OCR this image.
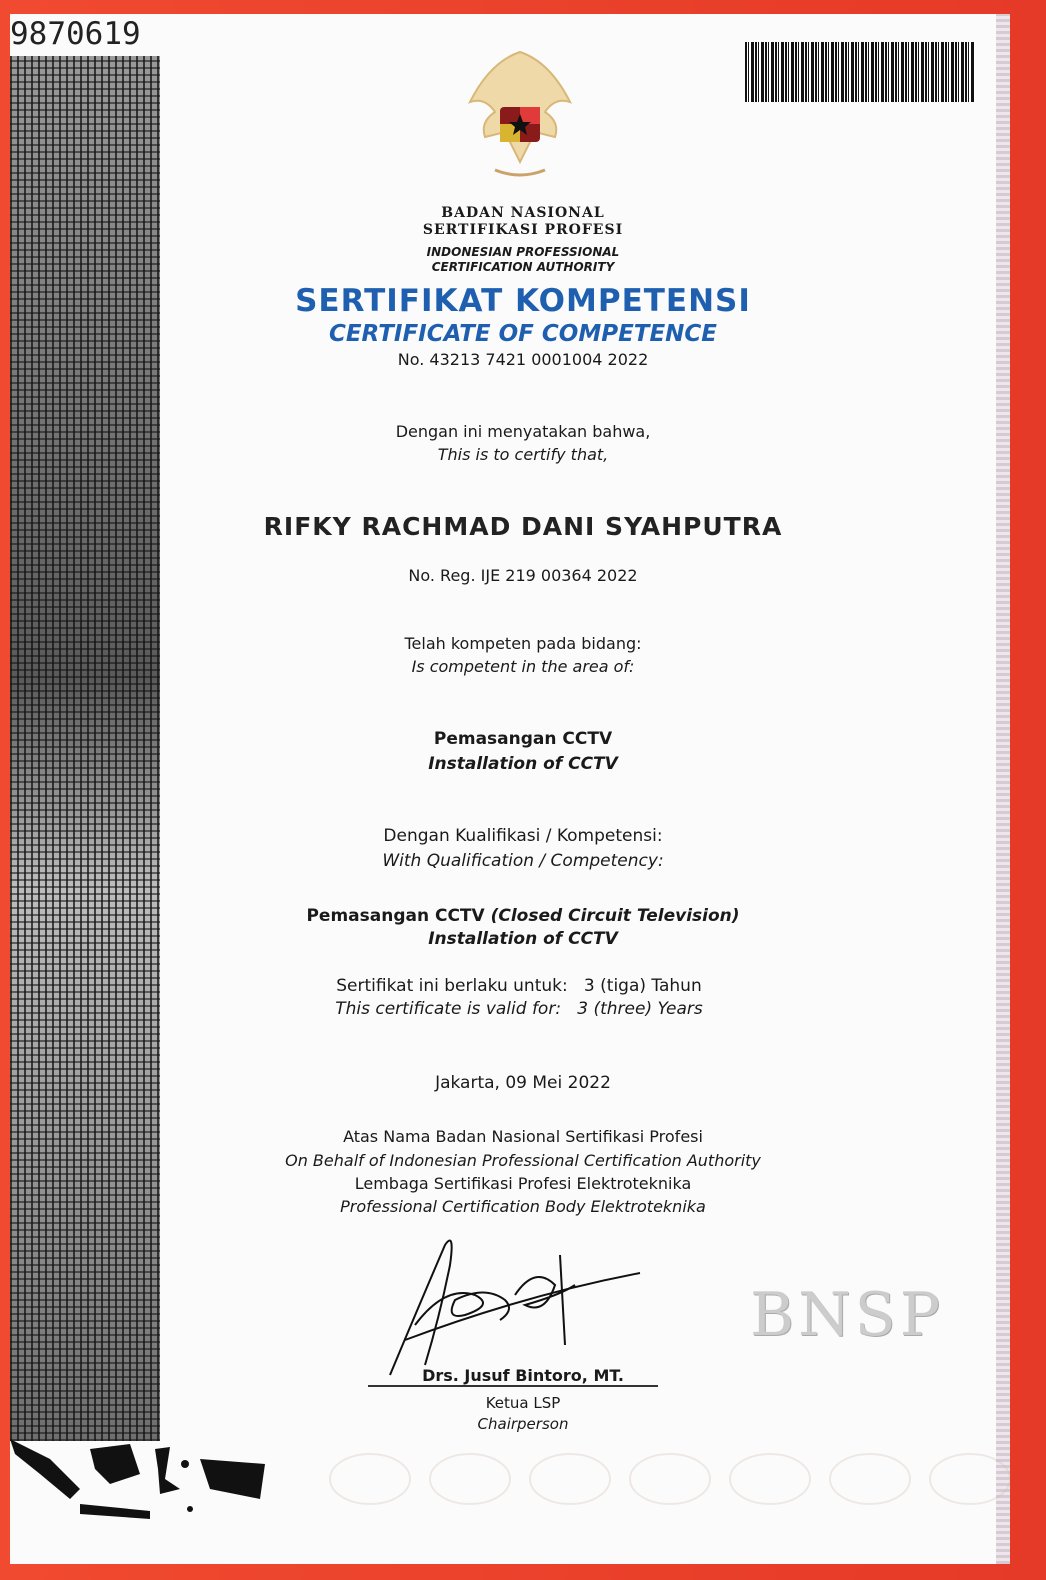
9870619
BADAN NASIONAL
SERTIFIKASI PROFESI
INDONESIAN PROFESSIONAL
CERTIFICATION AUTHORITY
SERTIFIKAT KOMPETENSI
CERTIFICATE OF COMPETENCE
No. 43213 7421 0001004 2022
Dengan ini menyatakan bahwa,
This is to certify that,
RIFKY RACHMAD DANI SYAHPUTRA
No. Reg. IJE 219 00364 2022
Telah kompeten pada bidang:
Is competent in the area of:
Pemasangan CCTV
Installation of CCTV
Dengan Kualifikasi / Kompetensi:
With Qualification / Competency:
Pemasangan CCTV (Closed Circuit Television)
Installation of CCTV
Sertifikat ini berlaku untuk: 3 (tiga) Tahun
This certificate is valid for: 3 (three) Years
Jakarta, 09 Mei 2022
Atas Nama Badan Nasional Sertifikasi Profesi
On Behalf of Indonesian Professional Certification Authority
Lembaga Sertifikasi Profesi Elektroteknika
Professional Certification Body Elektroteknika
Drs. Jusuf Bintoro, MT.
Ketua LSP
Chairperson
BNSP
